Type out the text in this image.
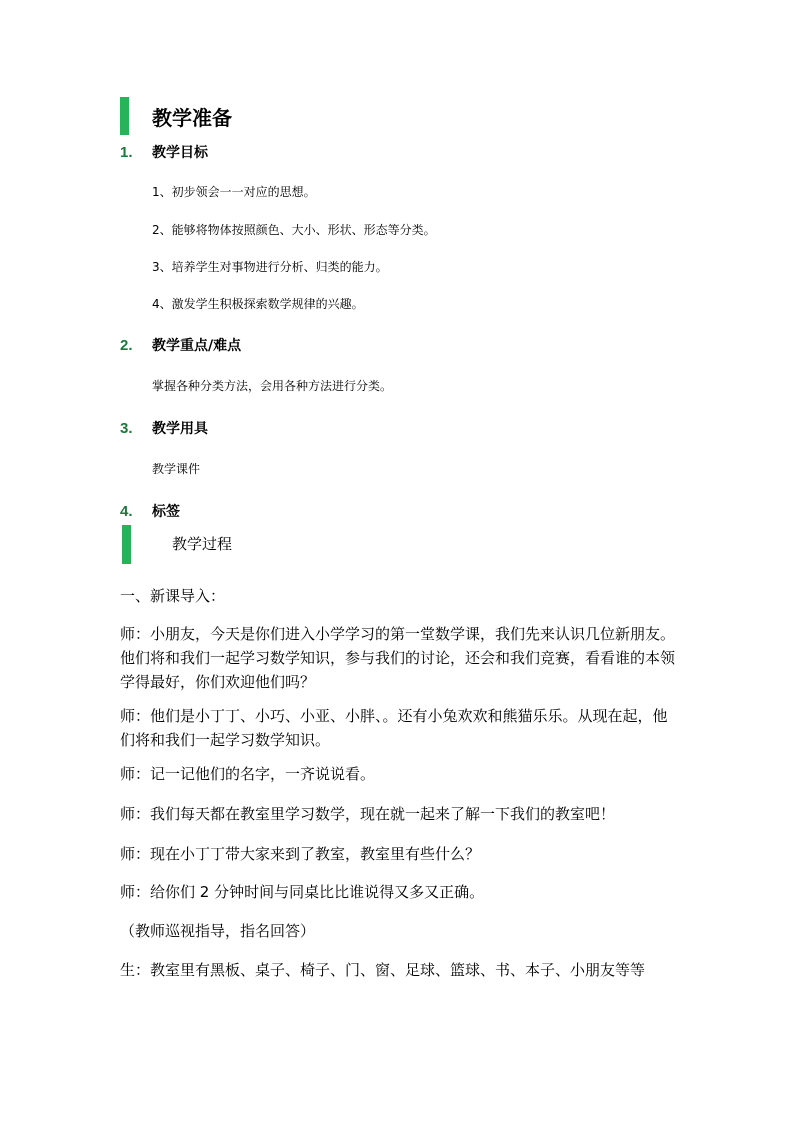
教学准备
1. 教学目标
1、初步领会一一对应的思想。
2、能够将物体按照颜色、大小、形状、形态等分类。
3、培养学生对事物进行分析、归类的能力。
4、激发学生积极探索数学规律的兴趣。
2. 教学重点/难点
掌握各种分类方法，会用各种方法进行分类。
3. 教学用具
教学课件
4. 标签
教学过程
一、新课导入：
师：小朋友，今天是你们进入小学学习的第一堂数学课，我们先来认识几位新朋友。他们将和我们一起学习数学知识，参与我们的讨论，还会和我们竞赛，看看谁的本领学得最好，你们欢迎他们吗？
师：他们是小丁丁、小巧、小亚、小胖、。还有小兔欢欢和熊猫乐乐。从现在起，他们将和我们一起学习数学知识。
师：记一记他们的名字，一齐说说看。
师：我们每天都在教室里学习数学，现在就一起来了解一下我们的教室吧！
师：现在小丁丁带大家来到了教室，教室里有些什么？
师：给你们 2 分钟时间与同桌比比谁说得又多又正确。
（教师巡视指导，指名回答）
生：教室里有黑板、桌子、椅子、门、窗、足球、篮球、书、本子、小朋友等等
